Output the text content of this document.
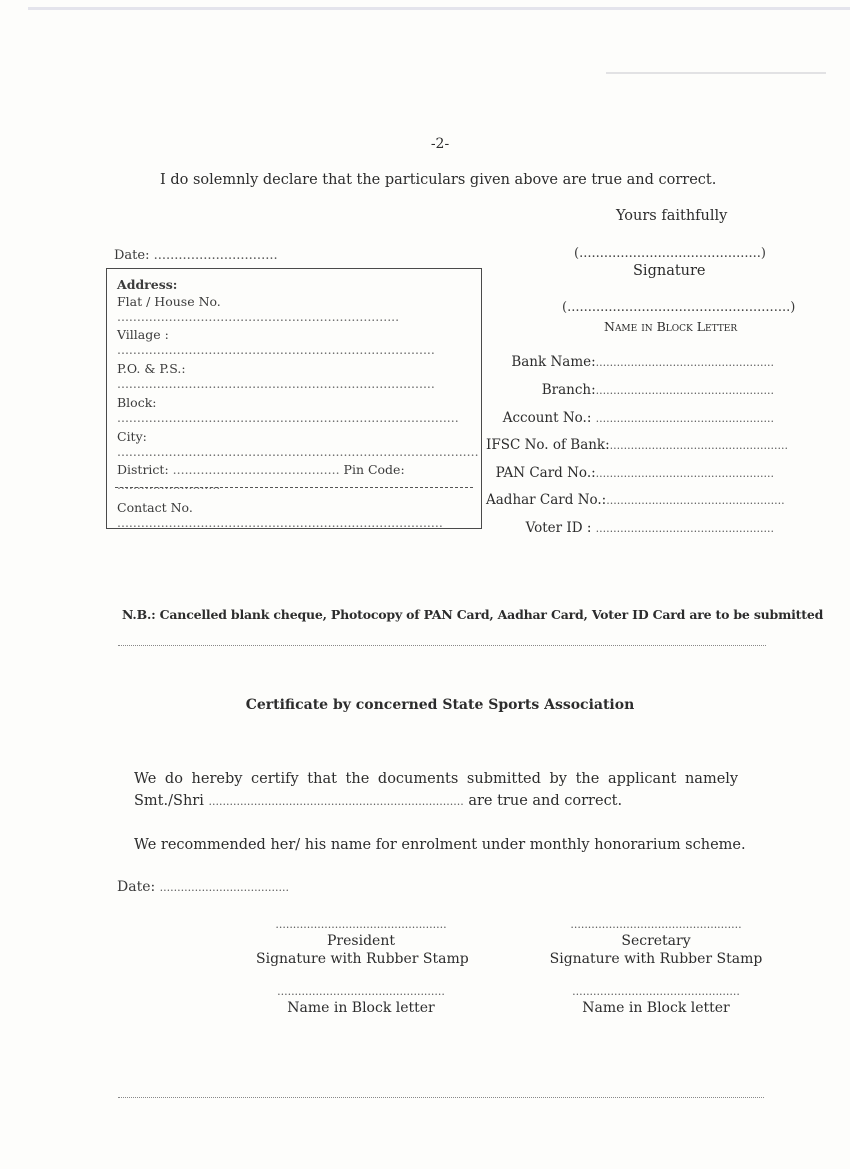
-2-
I do solemnly declare that the particulars given above are true and correct.
Yours faithfully
Date: ..............................	(............................................)
Signature
(......................................................)
Name in Block Letter
Address:
Flat / House No. .......................................................................
Village : ................................................................................
P.O. & P.S.: ................................................................................
Block: ......................................................................................
City: ...........................................................................................
District: .......................................... Pin Code: ..........................
Contact No. ..................................................................................
Bank Name:...................................................
Branch:...................................................
Account No.: ...................................................
IFSC No. of Bank:...................................................
PAN Card No.:...................................................
Aadhar Card No.:...................................................
Voter ID : ...................................................
N.B.: Cancelled blank cheque, Photocopy of PAN Card, Aadhar Card, Voter ID Card are to be submitted
Certificate by concerned State Sports Association
We do hereby certify that the documents submitted by the applicant namely
Smt./Shri ......................................................................... are true and correct.
We recommended her/ his name for enrolment under monthly honorarium scheme.
Date: .....................................
.................................................
President
Signature with Rubber Stamp
................................................
Name in Block letter
.................................................
Secretary
Signature with Rubber Stamp
................................................
Name in Block letter
